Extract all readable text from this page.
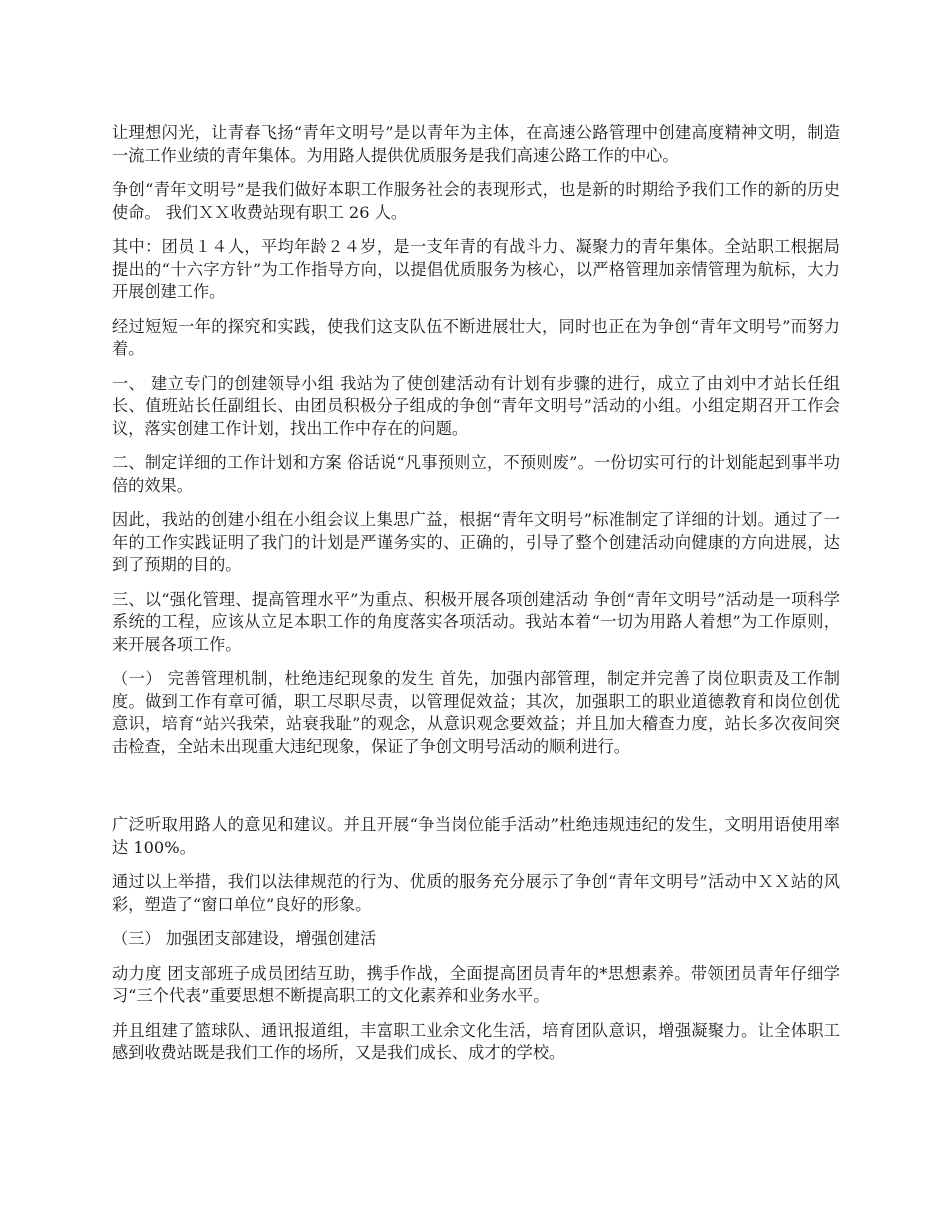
让理想闪光，让青春飞扬“青年文明号”是以青年为主体，在高速公路管理中创建高度精神文明，制造一流工作业绩的青年集体。为用路人提供优质服务是我们高速公路工作的中心。

争创“青年文明号”是我们做好本职工作服务社会的表现形式，也是新的时期给予我们工作的新的历史使命。 我们ＸＸ收费站现有职工 26 人。

其中：团员１４人，平均年龄２４岁，是一支年青的有战斗力、凝聚力的青年集体。全站职工根据局提出的“十六字方针”为工作指导方向，以提倡优质服务为核心，以严格管理加亲情管理为航标，大力开展创建工作。

经过短短一年的探究和实践，使我们这支队伍不断进展壮大，同时也正在为争创“青年文明号”而努力着。

一、 建立专门的创建领导小组 我站为了使创建活动有计划有步骤的进行，成立了由刘中才站长任组长、值班站长任副组长、由团员积极分子组成的争创“青年文明号”活动的小组。小组定期召开工作会议，落实创建工作计划，找出工作中存在的问题。

二、制定详细的工作计划和方案 俗话说“凡事预则立，不预则废”。一份切实可行的计划能起到事半功倍的效果。

因此，我站的创建小组在小组会议上集思广益，根据“青年文明号”标准制定了详细的计划。通过了一年的工作实践证明了我门的计划是严谨务实的、正确的，引导了整个创建活动向健康的方向进展，达到了预期的目的。

三、以“强化管理、提高管理水平”为重点、积极开展各项创建活动 争创“青年文明号”活动是一项科学系统的工程，应该从立足本职工作的角度落实各项活动。我站本着“一切为用路人着想”为工作原则，来开展各项工作。

（一） 完善管理机制，杜绝违纪现象的发生 首先，加强内部管理，制定并完善了岗位职责及工作制度。做到工作有章可循，职工尽职尽责，以管理促效益；其次，加强职工的职业道德教育和岗位创优意识，培育“站兴我荣，站衰我耻”的观念，从意识观念要效益；并且加大稽查力度，站长多次夜间突击检查，全站未出现重大违纪现象，保证了争创文明号活动的顺利进行。

广泛听取用路人的意见和建议。并且开展“争当岗位能手活动”杜绝违规违纪的发生，文明用语使用率达 100%。

通过以上举措，我们以法律规范的行为、优质的服务充分展示了争创“青年文明号”活动中ＸＸ站的风彩，塑造了“窗口单位”良好的形象。

（三） 加强团支部建设，增强创建活

动力度 团支部班子成员团结互助，携手作战，全面提高团员青年的*思想素养。带领团员青年仔细学习“三个代表”重要思想不断提高职工的文化素养和业务水平。

并且组建了篮球队、通讯报道组，丰富职工业余文化生活，培育团队意识，增强凝聚力。让全体职工感到收费站既是我们工作的场所，又是我们成长、成才的学校。
